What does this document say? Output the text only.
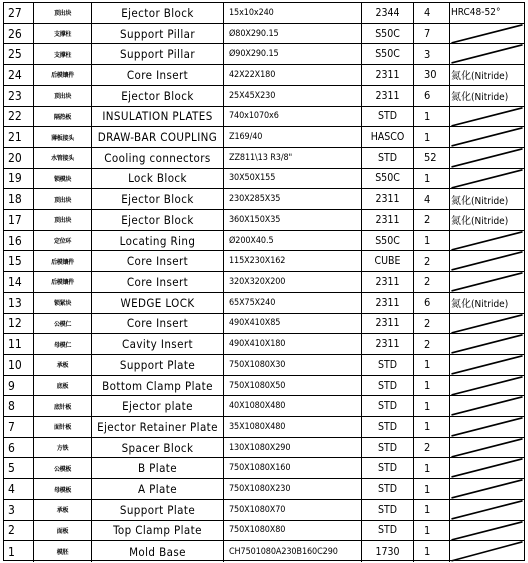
27	顶出块	Ejector Block	15x10x240	2344	4	HRC48-52°
26	支撑柱	Support Pillar	Ø80X290.15	S50C	7
25	支撑柱	Support Pillar	Ø90X290.15	S50C	3
24	后模镶件	Core Insert	42X22X180	2311	30	氮化(Nitride)
23	顶出块	Ejector Block	25X45X230	2311	6	氮化(Nitride)
22	隔热板	INSULATION PLATES	740x1070x6	STD	1
21	薄板接头	DRAW-BAR COUPLING	Z169/40	HASCO	1
20	水管接头	Cooling connectors	ZZ811\13 R3/8"	STD	52
19	锁模块	Lock Block	30X50X155	S50C	1
18	顶出块	Ejector Block	230X285X35	2311	4	氮化(Nitride)
17	顶出块	Ejector Block	360X150X35	2311	2	氮化(Nitride)
16	定位环	Locating Ring	Ø200X40.5	S50C	1
15	后模镶件	Core Insert	115X230X162	CUBE	2
14	后模镶件	Core Insert	320X320X200	2311	2
13	锁紧块	WEDGE LOCK	65X75X240	2311	6	氮化(Nitride)
12	公模仁	Core Insert	490X410X85	2311	2
11	母模仁	Cavity Insert	490X410X180	2311	2
10	承板	Support Plate	750X1080X30	STD	1
9	底板	Bottom Clamp Plate	750X1080X50	STD	1
8	底针板	Ejector plate	40X1080X480	STD	1
7	面针板	Ejector Retainer Plate	35X1080X480	STD	1
6	方铁	Spacer Block	130X1080X290	STD	2
5	公模板	B Plate	750X1080X160	STD	1
4	母模板	A Plate	750X1080X230	STD	1
3	承板	Support Plate	750X1080X70	STD	1
2	面板	Top Clamp Plate	750X1080X80	STD	1
1	模胚	Mold Base	CH7501080A230B160C290	1730	1
